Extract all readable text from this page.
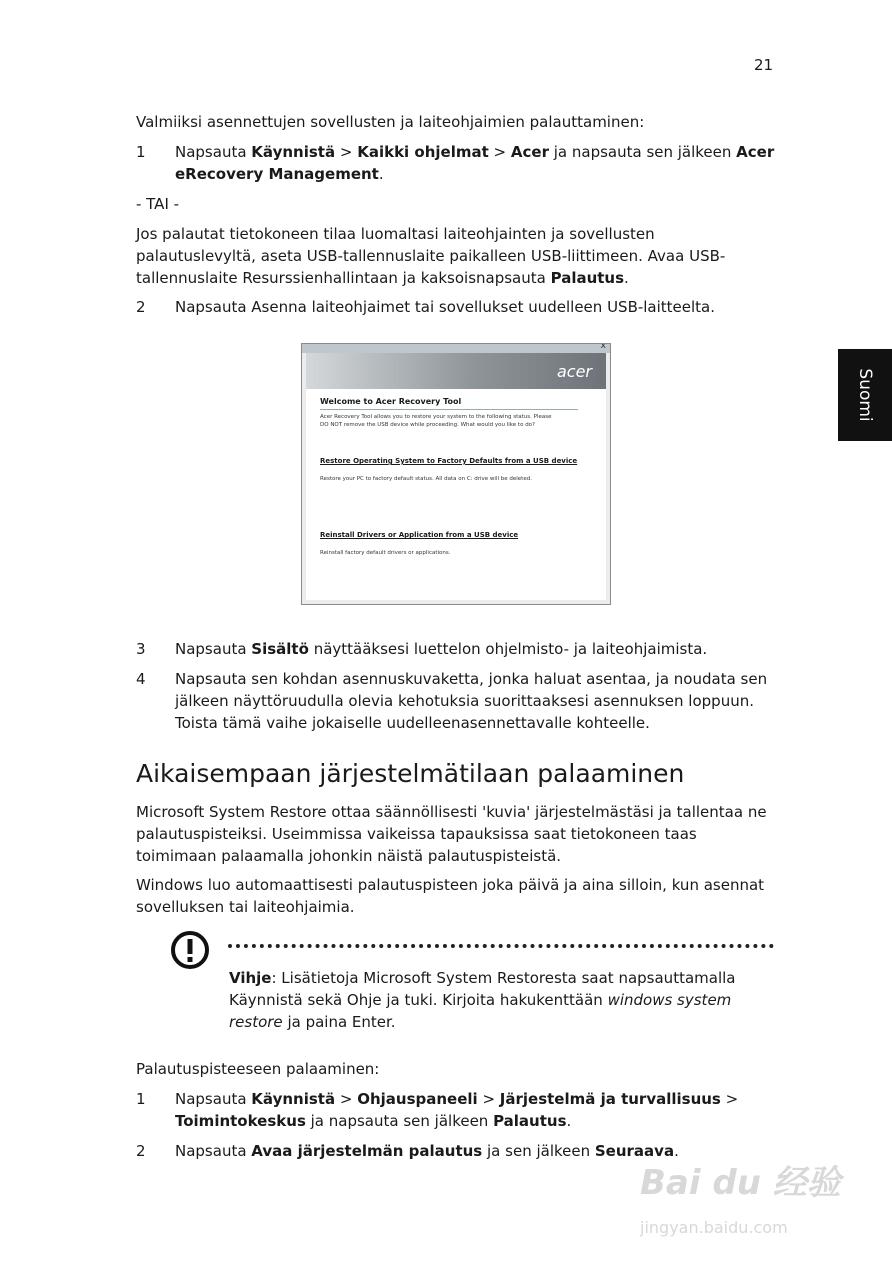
21
Suomi
Valmiiksi asennettujen sovellusten ja laiteohjaimien palauttaminen:
1	Napsauta Käynnistä > Kaikki ohjelmat > Acer ja napsauta sen jälkeen Acer eRecovery Management.
- TAI -
Jos palautat tietokoneen tilaa luomaltasi laiteohjainten ja sovellusten palautuslevyltä, aseta USB-tallennuslaite paikalleen USB-liittimeen. Avaa USB-tallennuslaite Resurssienhallintaan ja kaksoisnapsauta Palautus.
2	Napsauta Asenna laiteohjaimet tai sovellukset uudelleen USB-laitteelta.
x
acer
Welcome to Acer Recovery Tool
Acer Recovery Tool allows you to restore your system to the following status. Please
DO NOT remove the USB device while proceeding. What would you like to do?
Restore Operating System to Factory Defaults from a USB device
Restore your PC to factory default status. All data on C: drive will be deleted.
Reinstall Drivers or Application from a USB device
Reinstall factory default drivers or applications.
3	Napsauta Sisältö näyttääksesi luettelon ohjelmisto- ja laiteohjaimista.
4	Napsauta sen kohdan asennuskuvaketta, jonka haluat asentaa, ja noudata sen jälkeen näyttöruudulla olevia kehotuksia suorittaaksesi asennuksen loppuun. Toista tämä vaihe jokaiselle uudelleenasennettavalle kohteelle.
Aikaisempaan järjestelmätilaan palaaminen
Microsoft System Restore ottaa säännöllisesti 'kuvia' järjestelmästäsi ja tallentaa ne palautuspisteiksi. Useimmissa vaikeissa tapauksissa saat tietokoneen taas toimimaan palaamalla johonkin näistä palautuspisteistä.
Windows luo automaattisesti palautuspisteen joka päivä ja aina silloin, kun asennat sovelluksen tai laiteohjaimia.
Vihje: Lisätietoja Microsoft System Restoresta saat napsauttamalla Käynnistä sekä Ohje ja tuki. Kirjoita hakukenttään windows system restore ja paina Enter.
Palautuspisteeseen palaaminen:
1	Napsauta Käynnistä > Ohjauspaneeli > Järjestelmä ja turvallisuus > Toimintokeskus ja napsauta sen jälkeen Palautus.
2	Napsauta Avaa järjestelmän palautus ja sen jälkeen Seuraava.
Bai du 经验
jingyan.baidu.com
